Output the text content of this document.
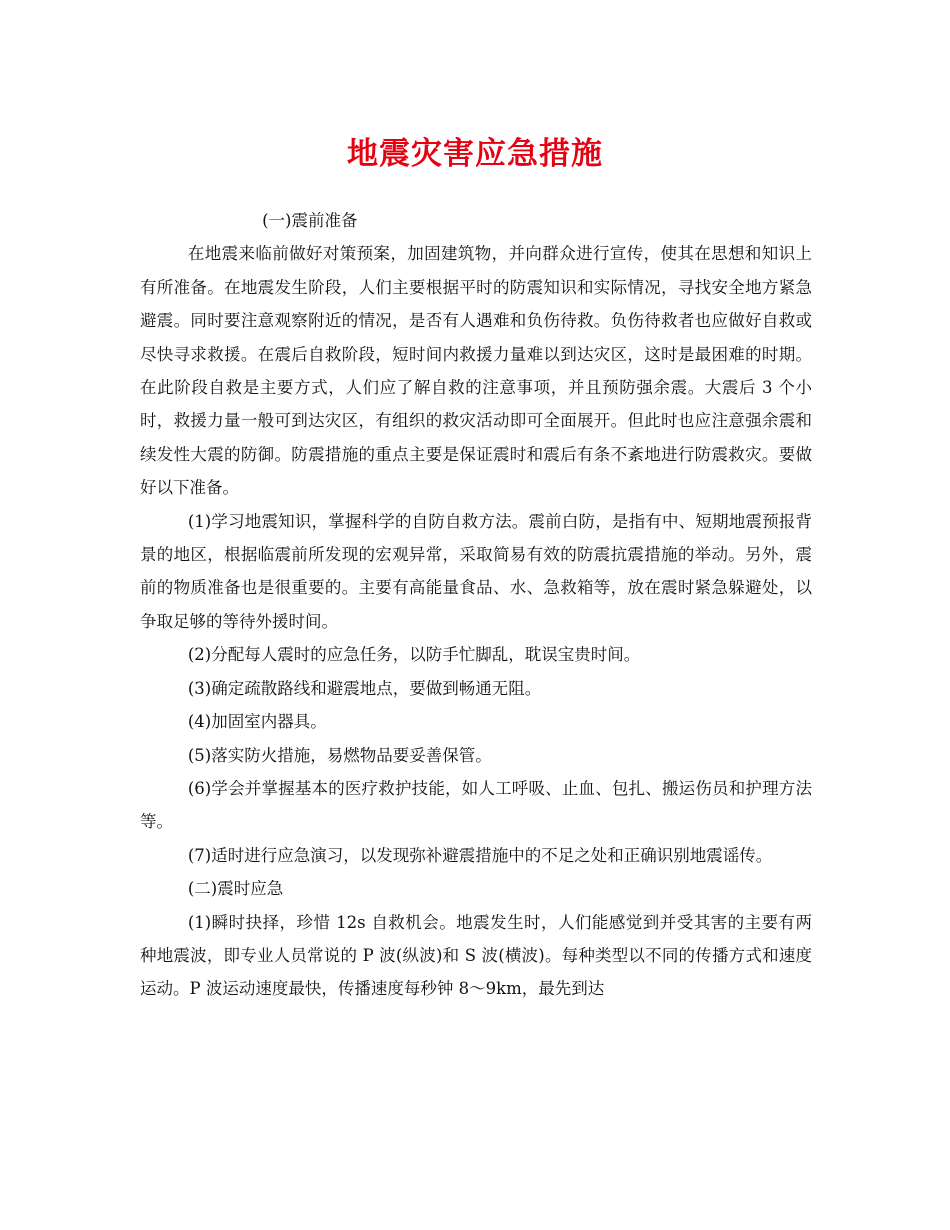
地震灾害应急措施

(一)震前准备

在地震来临前做好对策预案，加固建筑物，并向群众进行宣传，使其在思想和知识上有所准备。在地震发生阶段，人们主要根据平时的防震知识和实际情况，寻找安全地方紧急避震。同时要注意观察附近的情况，是否有人遇难和负伤待救。负伤待救者也应做好自救或尽快寻求救援。在震后自救阶段，短时间内救援力量难以到达灾区，这时是最困难的时期。在此阶段自救是主要方式，人们应了解自救的注意事项，并且预防强余震。大震后 3 个小时，救援力量一般可到达灾区，有组织的救灾活动即可全面展开。但此时也应注意强余震和续发性大震的防御。防震措施的重点主要是保证震时和震后有条不紊地进行防震救灾。要做好以下准备。

(1)学习地震知识，掌握科学的自防自救方法。震前白防，是指有中、短期地震预报背景的地区，根据临震前所发现的宏观异常，采取简易有效的防震抗震措施的举动。另外，震前的物质准备也是很重要的。主要有高能量食品、水、急救箱等，放在震时紧急躲避处，以争取足够的等待外援时间。

(2)分配每人震时的应急任务，以防手忙脚乱，耽误宝贵时间。

(3)确定疏散路线和避震地点，要做到畅通无阻。

(4)加固室内器具。

(5)落实防火措施，易燃物品要妥善保管。

(6)学会并掌握基本的医疗救护技能，如人工呼吸、止血、包扎、搬运伤员和护理方法等。

(7)适时进行应急演习，以发现弥补避震措施中的不足之处和正确识别地震谣传。

(二)震时应急

(1)瞬时抉择，珍惜 12s 自救机会。地震发生时，人们能感觉到并受其害的主要有两种地震波，即专业人员常说的 P 波(纵波)和 S 波(横波)。每种类型以不同的传播方式和速度运动。P 波运动速度最快，传播速度每秒钟 8～9km，最先到达
